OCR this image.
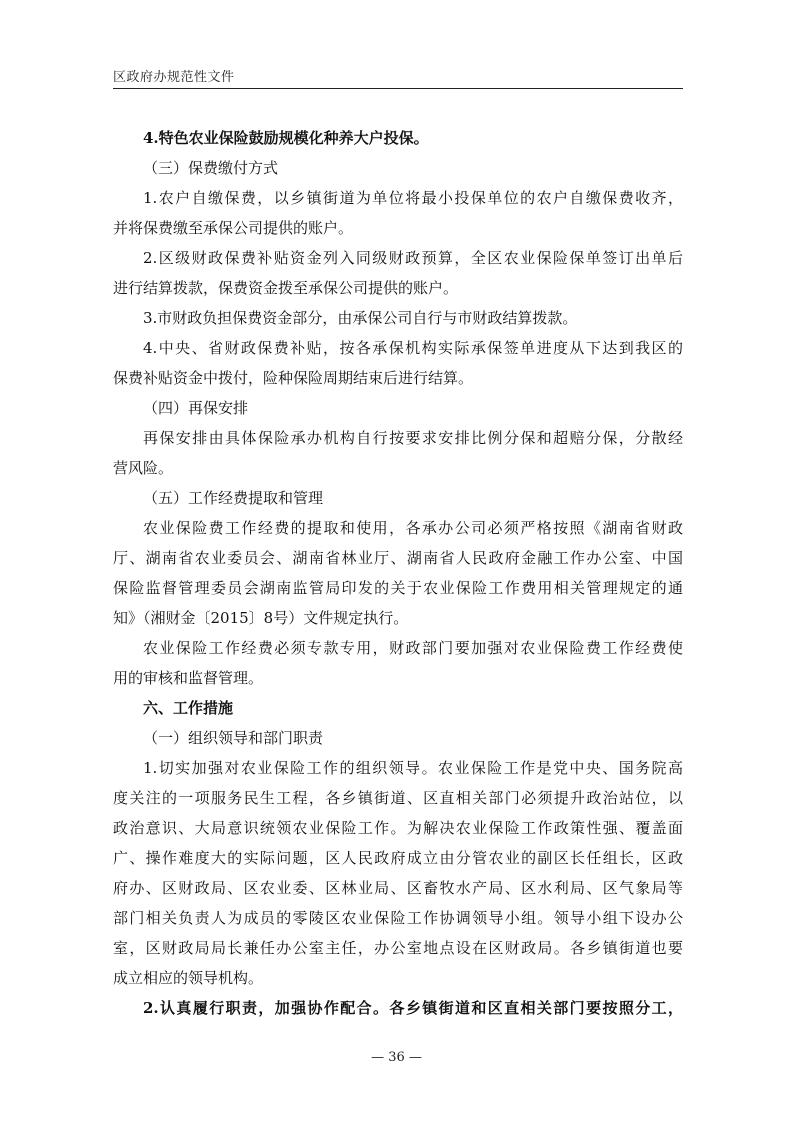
区政府办规范性文件
4.特色农业保险鼓励规模化种养大户投保。
（三）保费缴付方式
1.农户自缴保费，以乡镇街道为单位将最小投保单位的农户自缴保费收齐，
并将保费缴至承保公司提供的账户。
2.区级财政保费补贴资金列入同级财政预算，全区农业保险保单签订出单后
进行结算拨款，保费资金拨至承保公司提供的账户。
3.市财政负担保费资金部分，由承保公司自行与市财政结算拨款。
4.中央、省财政保费补贴，按各承保机构实际承保签单进度从下达到我区的
保费补贴资金中拨付，险种保险周期结束后进行结算。
（四）再保安排
再保安排由具体保险承办机构自行按要求安排比例分保和超赔分保，分散经
营风险。
（五）工作经费提取和管理
农业保险费工作经费的提取和使用，各承办公司必须严格按照《湖南省财政
厅、湖南省农业委员会、湖南省林业厅、湖南省人民政府金融工作办公室、中国
保险监督管理委员会湖南监管局印发的关于农业保险工作费用相关管理规定的通
知》（湘财金〔2015〕8号）文件规定执行。
农业保险工作经费必须专款专用，财政部门要加强对农业保险费工作经费使
用的审核和监督管理。
六、工作措施
（一）组织领导和部门职责
1.切实加强对农业保险工作的组织领导。农业保险工作是党中央、国务院高
度关注的一项服务民生工程，各乡镇街道、区直相关部门必须提升政治站位，以
政治意识、大局意识统领农业保险工作。为解决农业保险工作政策性强、覆盖面
广、操作难度大的实际问题，区人民政府成立由分管农业的副区长任组长，区政
府办、区财政局、区农业委、区林业局、区畜牧水产局、区水利局、区气象局等
部门相关负责人为成员的零陵区农业保险工作协调领导小组。领导小组下设办公
室，区财政局局长兼任办公室主任，办公室地点设在区财政局。各乡镇街道也要
成立相应的领导机构。
2.认真履行职责，加强协作配合。各乡镇街道和区直相关部门要按照分工，
— 36 —
